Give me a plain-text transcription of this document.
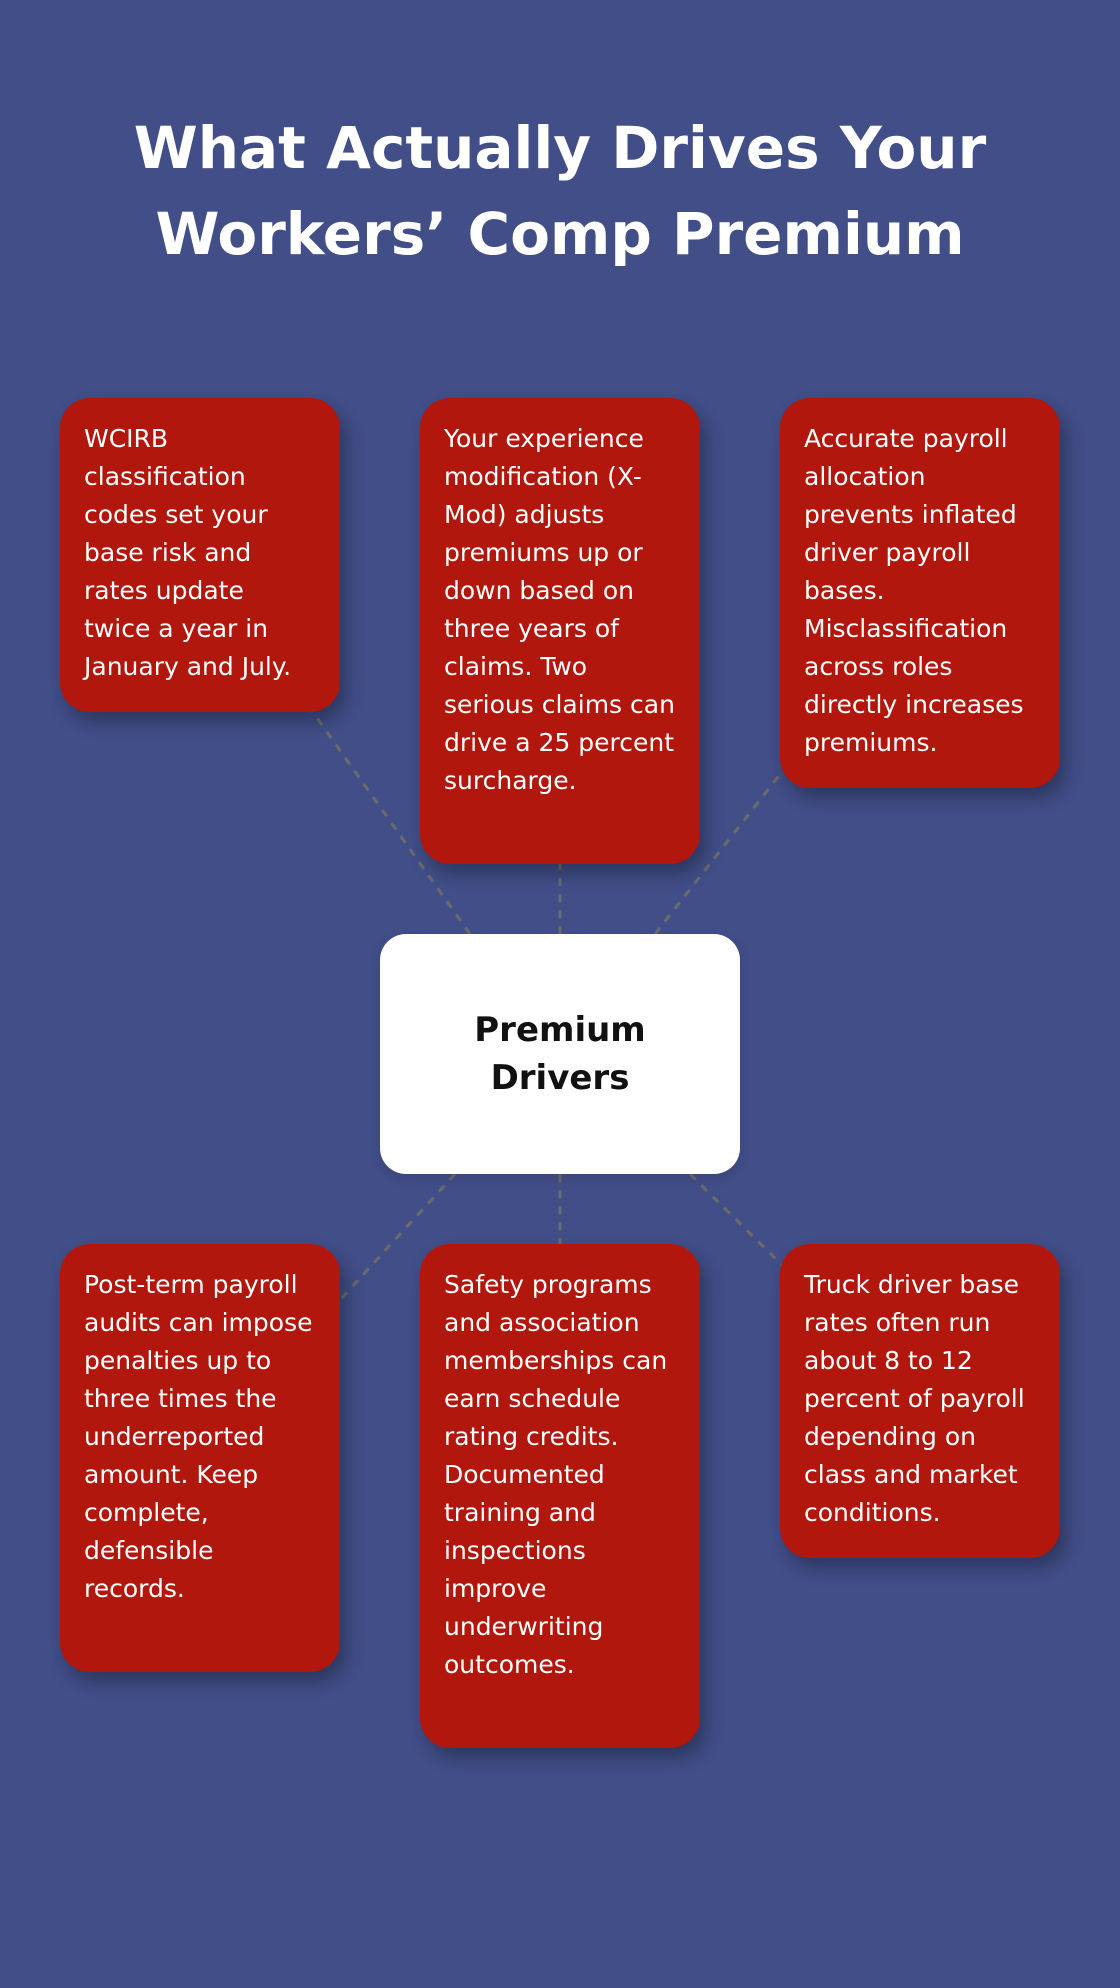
What Actually Drives Your Workers’ Comp Premium
WCIRB classification codes set your base risk and rates update twice a year in January and July.
Your experience modification (X-Mod) adjusts premiums up or down based on three years of claims. Two serious claims can drive a 25 percent surcharge.
Accurate payroll allocation prevents inflated driver payroll bases. Misclassification across roles directly increases premiums.
Premium Drivers
Post-term payroll audits can impose penalties up to three times the underreported amount. Keep complete, defensible records.
Safety programs and association memberships can earn schedule rating credits. Documented training and inspections improve underwriting outcomes.
Truck driver base rates often run about 8 to 12 percent of payroll depending on class and market conditions.
